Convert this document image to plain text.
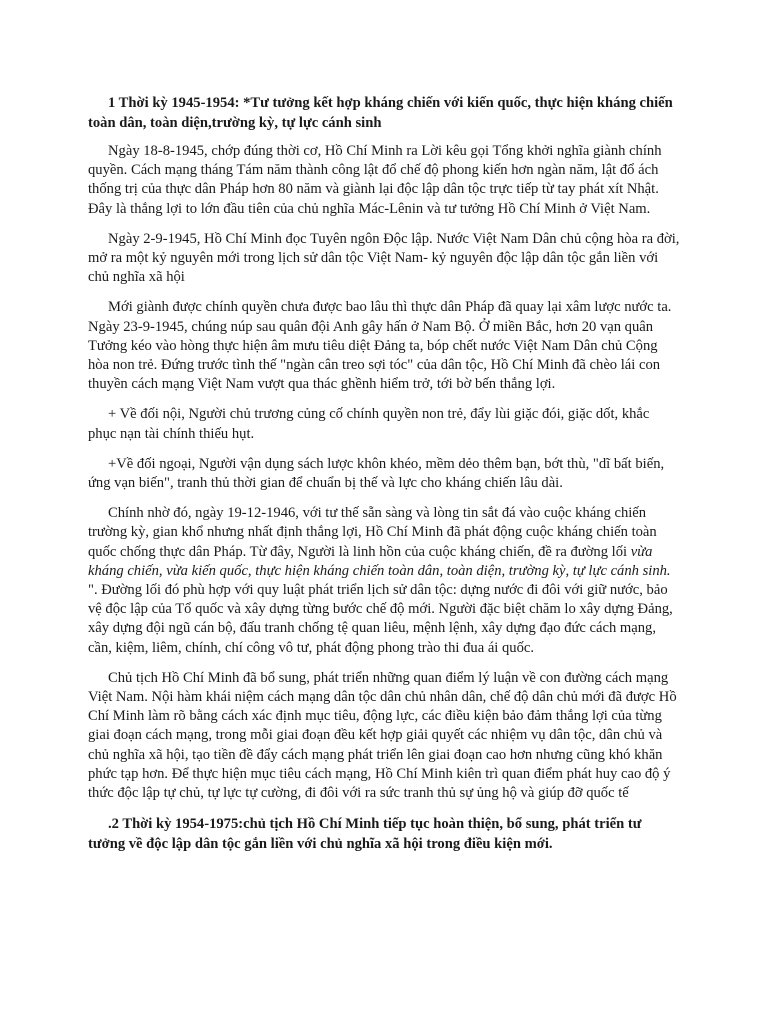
1 Thời kỳ 1945-1954: *Tư tưởng kết hợp kháng chiến với kiến quốc, thực hiện kháng chiến toàn dân, toàn diện,trường kỳ, tự lực cánh sinh

Ngày 18-8-1945, chớp đúng thời cơ, Hồ Chí Minh ra Lời kêu gọi Tổng khởi nghĩa giành chính quyền. Cách mạng tháng Tám năm thành công lật đổ chế độ phong kiến hơn ngàn năm, lật đổ ách thống trị của thực dân Pháp hơn 80 năm và giành lại độc lập dân tộc trực tiếp từ tay phát xít Nhật. Đây là thắng lợi to lớn đầu tiên của chủ nghĩa Mác-Lênin và tư tưởng Hồ Chí Minh ở Việt Nam.

Ngày 2-9-1945, Hồ Chí Minh đọc Tuyên ngôn Độc lập. Nước Việt Nam Dân chủ cộng hòa ra đời, mở ra một kỷ nguyên mới trong lịch sử dân tộc Việt Nam- kỷ nguyên độc lập dân tộc gắn liền với chủ nghĩa xã hội

Mới giành được chính quyền chưa được bao lâu thì thực dân Pháp đã quay lại xâm lược nước ta. Ngày 23-9-1945, chúng núp sau quân đội Anh gây hấn ở Nam Bộ. Ở miền Bắc, hơn 20 vạn quân Tưởng kéo vào hòng thực hiện âm mưu tiêu diệt Đảng ta, bóp chết nước Việt Nam Dân chủ Cộng hòa non trẻ. Đứng trước tình thế "ngàn cân treo sợi tóc" của dân tộc, Hồ Chí Minh đã chèo lái con thuyền cách mạng Việt Nam vượt qua thác ghềnh hiểm trở, tới bờ bến thắng lợi.

+ Về đối nội, Người chủ trương củng cố chính quyền non trẻ, đẩy lùi giặc đói, giặc dốt, khắc phục nạn tài chính thiếu hụt.

+Về đối ngoại, Người vận dụng sách lược khôn khéo, mềm dẻo thêm bạn, bớt thù, "dĩ bất biến, ứng vạn biến", tranh thủ thời gian để chuẩn bị thế và lực cho kháng chiến lâu dài.

Chính nhờ đó, ngày 19-12-1946, với tư thế sẵn sàng và lòng tin sắt đá vào cuộc kháng chiến trường kỳ, gian khổ nhưng nhất định thắng lợi, Hồ Chí Minh đã phát động cuộc kháng chiến toàn quốc chống thực dân Pháp. Từ đây, Người là linh hồn của cuộc kháng chiến, đề ra đường lối vừa kháng chiến, vừa kiến quốc, thực hiện kháng chiến toàn dân, toàn diện, trường kỳ, tự lực cánh sinh. ". Đường lối đó phù hợp với quy luật phát triển lịch sử dân tộc: dựng nước đi đôi với giữ nước, bảo vệ độc lập của Tổ quốc và xây dựng từng bước chế độ mới. Người đặc biệt chăm lo xây dựng Đảng, xây dựng đội ngũ cán bộ, đấu tranh chống tệ quan liêu, mệnh lệnh, xây dựng đạo đức cách mạng, cần, kiệm, liêm, chính, chí công vô tư, phát động phong trào thi đua ái quốc.

Chủ tịch Hồ Chí Minh đã bổ sung, phát triển những quan điểm lý luận về con đường cách mạng Việt Nam. Nội hàm khái niệm cách mạng dân tộc dân chủ nhân dân, chế độ dân chủ mới đã được Hồ Chí Minh làm rõ bằng cách xác định mục tiêu, động lực, các điều kiện bảo đảm thắng lợi của từng giai đoạn cách mạng, trong mỗi giai đoạn đều kết hợp giải quyết các nhiệm vụ dân tộc, dân chủ và chủ nghĩa xã hội, tạo tiền đề đẩy cách mạng phát triển lên giai đoạn cao hơn nhưng cũng khó khăn phức tạp hơn. Để thực hiện mục tiêu cách mạng, Hồ Chí Minh kiên trì quan điểm phát huy cao độ ý thức độc lập tự chủ, tự lực tự cường, đi đôi với ra sức tranh thủ sự ủng hộ và giúp đỡ quốc tế

.2 Thời kỳ 1954-1975:chủ tịch Hồ Chí Minh tiếp tục hoàn thiện, bổ sung, phát triển tư tưởng về độc lập dân tộc gắn liền với chủ nghĩa xã hội trong điều kiện mới.
